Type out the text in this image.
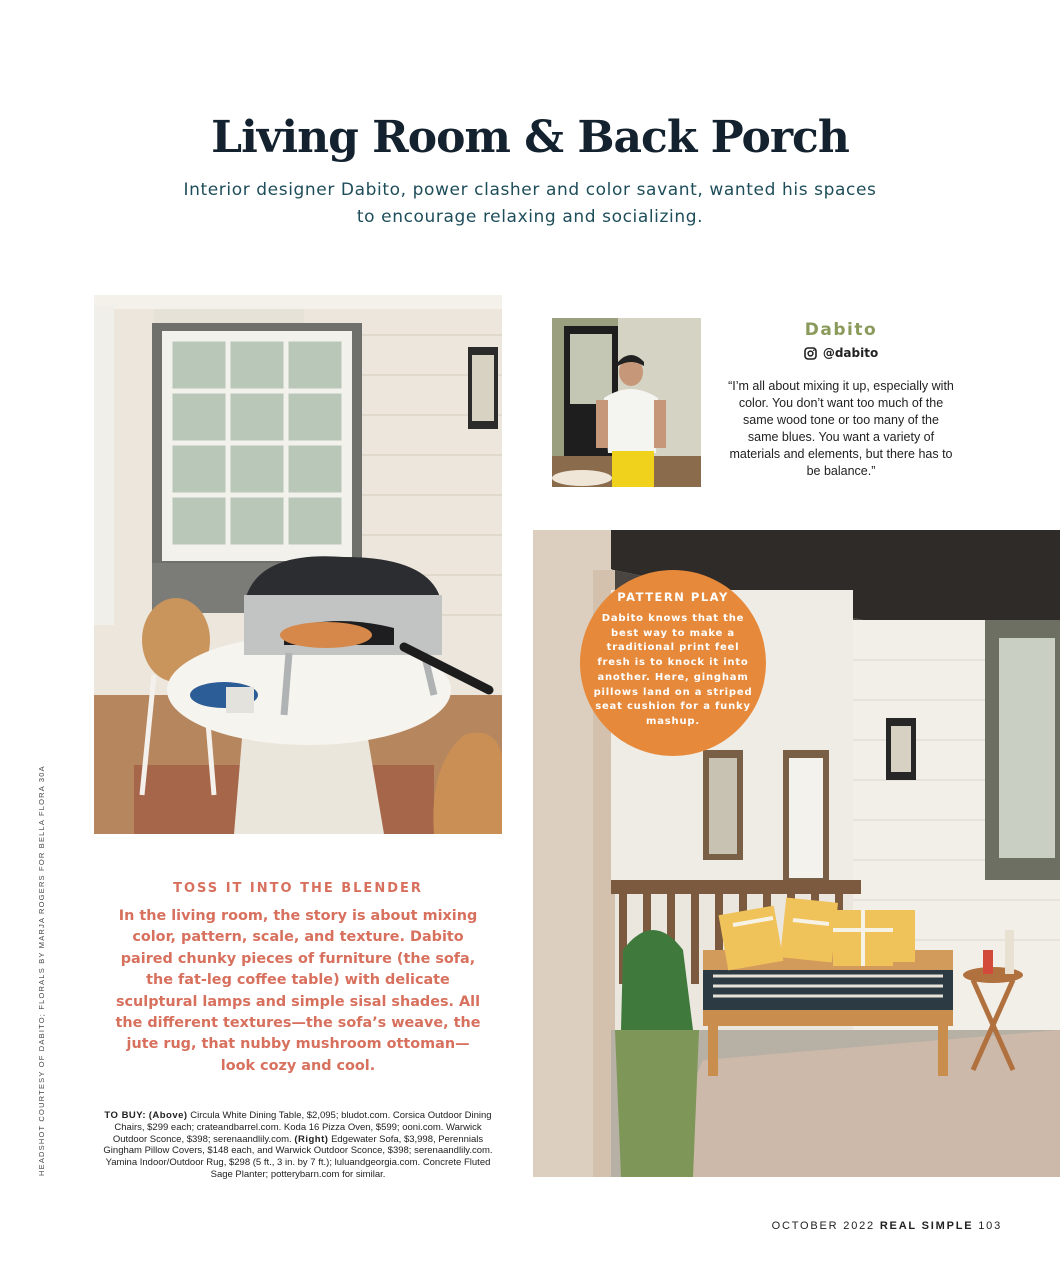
Living Room & Back Porch
Interior designer Dabito, power clasher and color savant, wanted his spaces to encourage relaxing and socializing.
Dabito
@dabito
“I’m all about mixing it up, especially with color. You don’t want too much of the same wood tone or too many of the same blues. You want a variety of materials and elements, but there has to be balance.”
PATTERN PLAY
Dabito knows that the best way to make a traditional print feel fresh is to knock it into another. Here, gingham pillows land on a striped seat cushion for a funky mashup.
TOSS IT INTO THE BLENDER
In the living room, the story is about mixing color, pattern, scale, and texture. Dabito paired chunky pieces of furniture (the sofa, the fat-leg coffee table) with delicate sculptural lamps and simple sisal shades. All the different textures—the sofa’s weave, the jute rug, that nubby mushroom ottoman—look cozy and cool.
TO BUY: (Above) Circula White Dining Table, $2,095; bludot.com. Corsica Outdoor Dining Chairs, $299 each; crateandbarrel.com. Koda 16 Pizza Oven, $599; ooni.com. Warwick Outdoor Sconce, $398; serenaandlily.com. (Right) Edgewater Sofa, $3,998, Perennials Gingham Pillow Covers, $148 each, and Warwick Outdoor Sconce, $398; serenaandlily.com. Yamina Indoor/Outdoor Rug, $298 (5 ft., 3 in. by 7 ft.); luluandgeorgia.com. Concrete Fluted Sage Planter; potterybarn.com for similar.
HEADSHOT COURTESY OF DABITO; FLORALS BY MARJA ROGERS FOR BELLA FLORA 30A
OCTOBER 2022 REAL SIMPLE 103
